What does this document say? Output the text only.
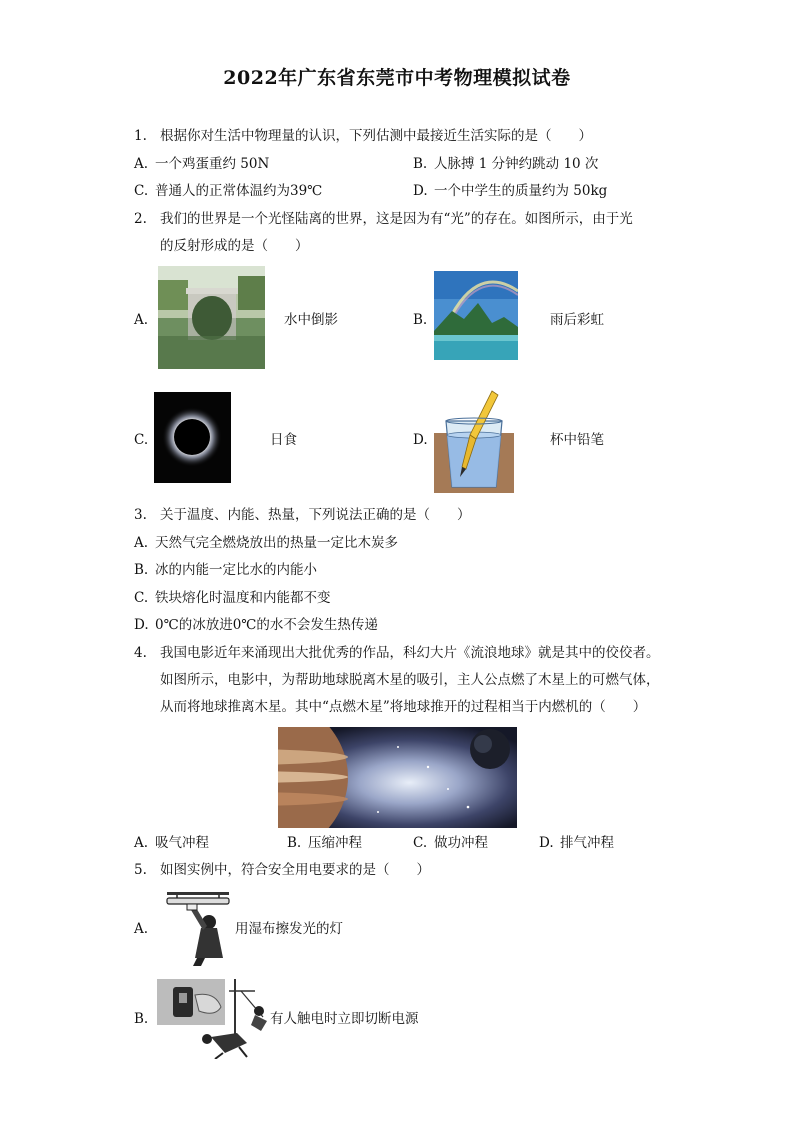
2022年广东省东莞市中考物理模拟试卷
1. 根据你对生活中物理量的认识，下列估测中最接近生活实际的是（　　）
A. 一个鸡蛋重约 50N	B. 人脉搏 1 分钟约跳动 10 次
C. 普通人的正常体温约为39℃	D. 一个中学生的质量约为 50kg
2. 我们的世界是一个光怪陆离的世界，这是因为有“光”的存在。如图所示，由于光
的反射形成的是（　　）
A.	水中倒影	B.	雨后彩虹
C.	日食	D.	杯中铅笔
3. 关于温度、内能、热量，下列说法正确的是（　　）
A. 天然气完全燃烧放出的热量一定比木炭多
B. 冰的内能一定比水的内能小
C. 铁块熔化时温度和内能都不变
D. 0℃的冰放进0℃的水不会发生热传递
4. 我国电影近年来涌现出大批优秀的作品，科幻大片《流浪地球》就是其中的佼佼者。
如图所示，电影中，为帮助地球脱离木星的吸引，主人公点燃了木星上的可燃气体，
从而将地球推离木星。其中“点燃木星”将地球推开的过程相当于内燃机的（　　）
A. 吸气冲程	B. 压缩冲程	C. 做功冲程	D. 排气冲程
5. 如图实例中，符合安全用电要求的是（　　）
A.	用湿布擦发光的灯
B.	有人触电时立即切断电源
